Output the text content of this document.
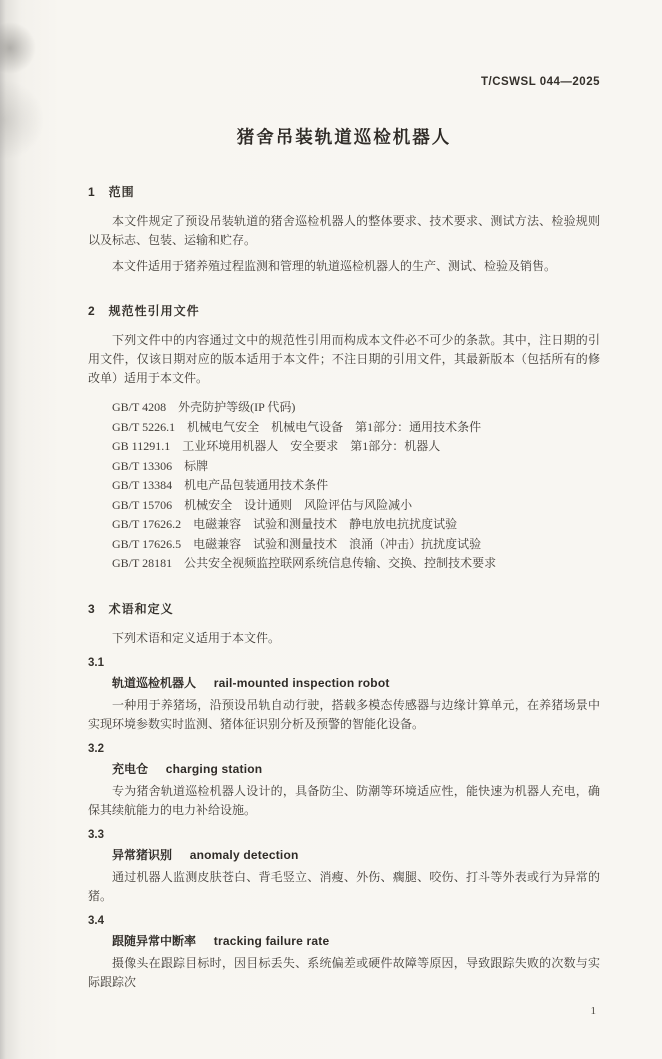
T/CSWSL 044—2025
猪舍吊装轨道巡检机器人
1　范围

本文件规定了预设吊装轨道的猪舍巡检机器人的整体要求、技术要求、测试方法、检验规则以及标志、包装、运输和贮存。

本文件适用于猪养殖过程监测和管理的轨道巡检机器人的生产、测试、检验及销售。

2　规范性引用文件

下列文件中的内容通过文中的规范性引用而构成本文件必不可少的条款。其中，注日期的引用文件，仅该日期对应的版本适用于本文件；不注日期的引用文件，其最新版本（包括所有的修改单）适用于本文件。

GB/T 4208　外壳防护等级(IP 代码)
GB/T 5226.1　机械电气安全　机械电气设备　第1部分：通用技术条件
GB 11291.1　工业环境用机器人　安全要求　第1部分：机器人
GB/T 13306　标牌
GB/T 13384　机电产品包装通用技术条件
GB/T 15706　机械安全　设计通则　风险评估与风险减小
GB/T 17626.2　电磁兼容　试验和测量技术　静电放电抗扰度试验
GB/T 17626.5　电磁兼容　试验和测量技术　浪涌（冲击）抗扰度试验
GB/T 28181　公共安全视频监控联网系统信息传输、交换、控制技术要求
3　术语和定义

下列术语和定义适用于本文件。

3.1
轨道巡检机器人 rail-mounted inspection robot

一种用于养猪场，沿预设吊轨自动行驶，搭载多模态传感器与边缘计算单元，在养猪场景中实现环境参数实时监测、猪体征识别分析及预警的智能化设备。

3.2
充电仓 charging station

专为猪舍轨道巡检机器人设计的，具备防尘、防潮等环境适应性，能快速为机器人充电，确保其续航能力的电力补给设施。

3.3
异常猪识别 anomaly detection

通过机器人监测皮肤苍白、背毛竖立、消瘦、外伤、瘸腿、咬伤、打斗等外表或行为异常的猪。

3.4
跟随异常中断率 tracking failure rate

摄像头在跟踪目标时，因目标丢失、系统偏差或硬件故障等原因，导致跟踪失败的次数与实际跟踪次

1
